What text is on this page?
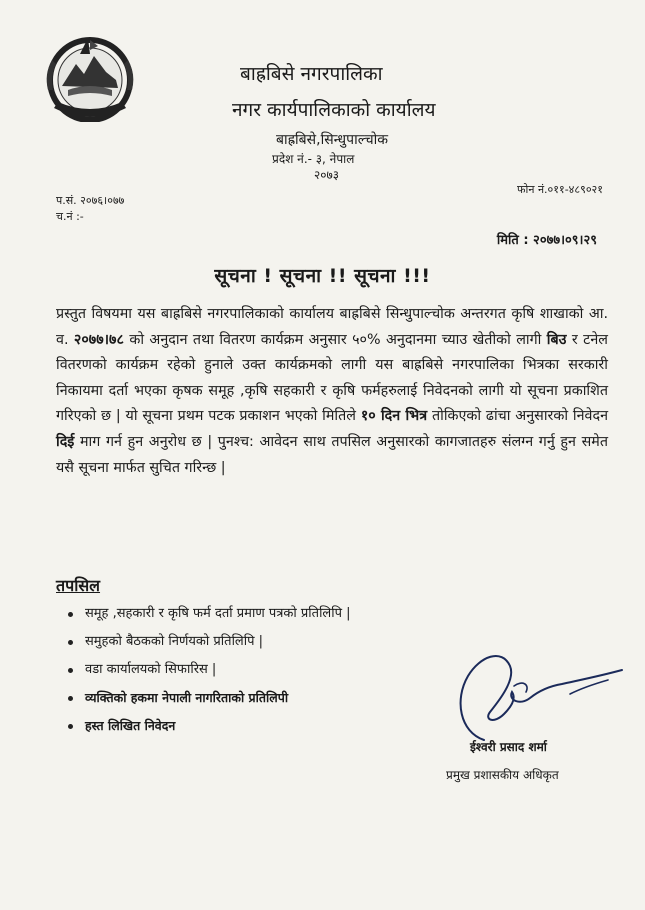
बाह्रबिसे नगरपालिका
नगर कार्यपालिकाको कार्यालय
बाह्रबिसे,सिन्धुपाल्चोक
प्रदेश नं.- ३, नेपाल
२०७३
प.सं. २०७६।०७७
च.नं :-
फोन नं.०११-४८९०२१
मिति : २०७७।०९।२९
सूचना ! सूचना !! सूचना !!!
प्रस्तुत विषयमा यस बाह्रबिसे नगरपालिकाको कार्यालय बाह्रबिसे सिन्धुपाल्चोक अन्तरगत कृषि शाखाको आ. व. २०७७।७८ को अनुदान तथा वितरण कार्यक्रम अनुसार ५०% अनुदानमा च्याउ खेतीको लागी बिउ र टनेल वितरणको कार्यक्रम रहेको हुनाले उक्त कार्यक्रमको लागी यस बाह्रबिसे नगरपालिका भित्रका सरकारी निकायमा दर्ता भएका कृषक समूह ,कृषि सहकारी र कृषि फर्महरुलाई निवेदनको लागी यो सूचना प्रकाशित गरिएको छ | यो सूचना प्रथम पटक प्रकाशन भएको मितिले १० दिन भित्र तोकिएको ढांचा अनुसारको निवेदन दिई माग गर्न हुन अनुरोध छ | पुनश्च: आवेदन साथ तपसिल अनुसारको कागजातहरु संलग्न गर्नु हुन समेत यसै सूचना मार्फत सुचित गरिन्छ |
तपसिल
समूह ,सहकारी र कृषि फर्म दर्ता प्रमाण पत्रको प्रतिलिपि |
समुहको बैठकको निर्णयको प्रतिलिपि |
वडा कार्यालयको सिफारिस |
व्यक्तिको हकमा नेपाली नागरिताको प्रतिलिपी
हस्त लिखित निवेदन
ईश्वरी प्रसाद शर्मा
प्रमुख प्रशासकीय अधिकृत
